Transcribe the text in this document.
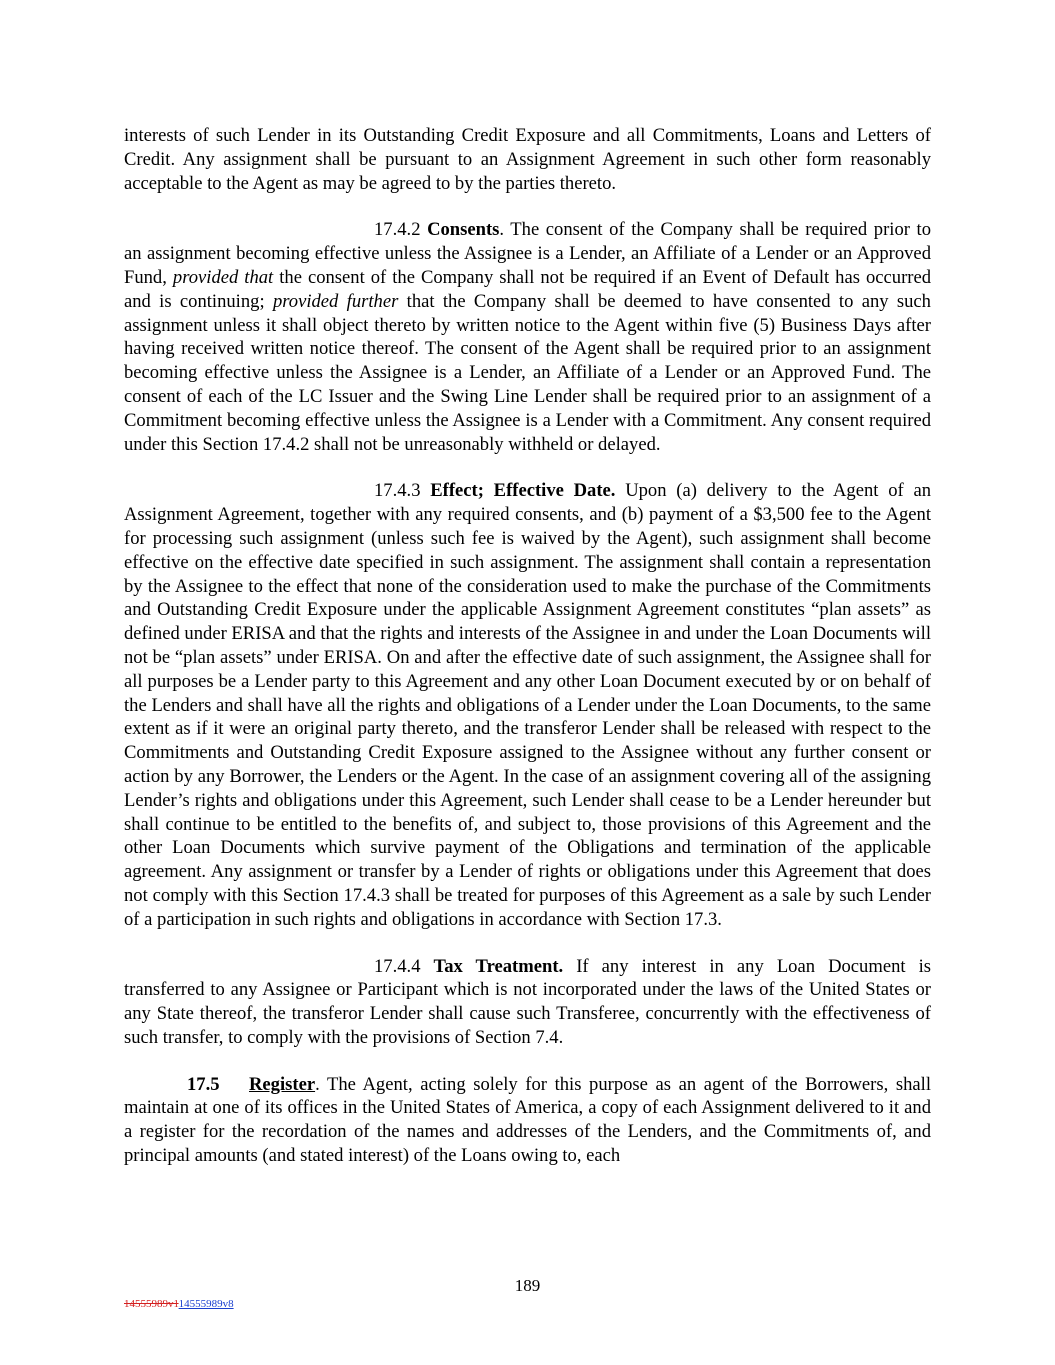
interests of such Lender in its Outstanding Credit Exposure and all Commitments, Loans and Letters of Credit. Any assignment shall be pursuant to an Assignment Agreement in such other form reasonably acceptable to the Agent as may be agreed to by the parties thereto.

17.4.2 Consents. The consent of the Company shall be required prior to an assignment becoming effective unless the Assignee is a Lender, an Affiliate of a Lender or an Approved Fund, provided that the consent of the Company shall not be required if an Event of Default has occurred and is continuing; provided further that the Company shall be deemed to have consented to any such assignment unless it shall object thereto by written notice to the Agent within five (5) Business Days after having received written notice thereof. The consent of the Agent shall be required prior to an assignment becoming effective unless the Assignee is a Lender, an Affiliate of a Lender or an Approved Fund. The consent of each of the LC Issuer and the Swing Line Lender shall be required prior to an assignment of a Commitment becoming effective unless the Assignee is a Lender with a Commitment. Any consent required under this Section 17.4.2 shall not be unreasonably withheld or delayed.

17.4.3 Effect; Effective Date. Upon (a) delivery to the Agent of an Assignment Agreement, together with any required consents, and (b) payment of a $3,500 fee to the Agent for processing such assignment (unless such fee is waived by the Agent), such assignment shall become effective on the effective date specified in such assignment. The assignment shall contain a representation by the Assignee to the effect that none of the consideration used to make the purchase of the Commitments and Outstanding Credit Exposure under the applicable Assignment Agreement constitutes “plan assets” as defined under ERISA and that the rights and interests of the Assignee in and under the Loan Documents will not be “plan assets” under ERISA. On and after the effective date of such assignment, the Assignee shall for all purposes be a Lender party to this Agreement and any other Loan Document executed by or on behalf of the Lenders and shall have all the rights and obligations of a Lender under the Loan Documents, to the same extent as if it were an original party thereto, and the transferor Lender shall be released with respect to the Commitments and Outstanding Credit Exposure assigned to the Assignee without any further consent or action by any Borrower, the Lenders or the Agent. In the case of an assignment covering all of the assigning Lender’s rights and obligations under this Agreement, such Lender shall cease to be a Lender hereunder but shall continue to be entitled to the benefits of, and subject to, those provisions of this Agreement and the other Loan Documents which survive payment of the Obligations and termination of the applicable agreement. Any assignment or transfer by a Lender of rights or obligations under this Agreement that does not comply with this Section 17.4.3 shall be treated for purposes of this Agreement as a sale by such Lender of a participation in such rights and obligations in accordance with Section 17.3.

17.4.4 Tax Treatment. If any interest in any Loan Document is transferred to any Assignee or Participant which is not incorporated under the laws of the United States or any State thereof, the transferor Lender shall cause such Transferee, concurrently with the effectiveness of such transfer, to comply with the provisions of Section 7.4.

17.5 Register. The Agent, acting solely for this purpose as an agent of the Borrowers, shall maintain at one of its offices in the United States of America, a copy of each Assignment delivered to it and a register for the recordation of the names and addresses of the Lenders, and the Commitments of, and principal amounts (and stated interest) of the Loans owing to, each

189
14555989v114555989v8
